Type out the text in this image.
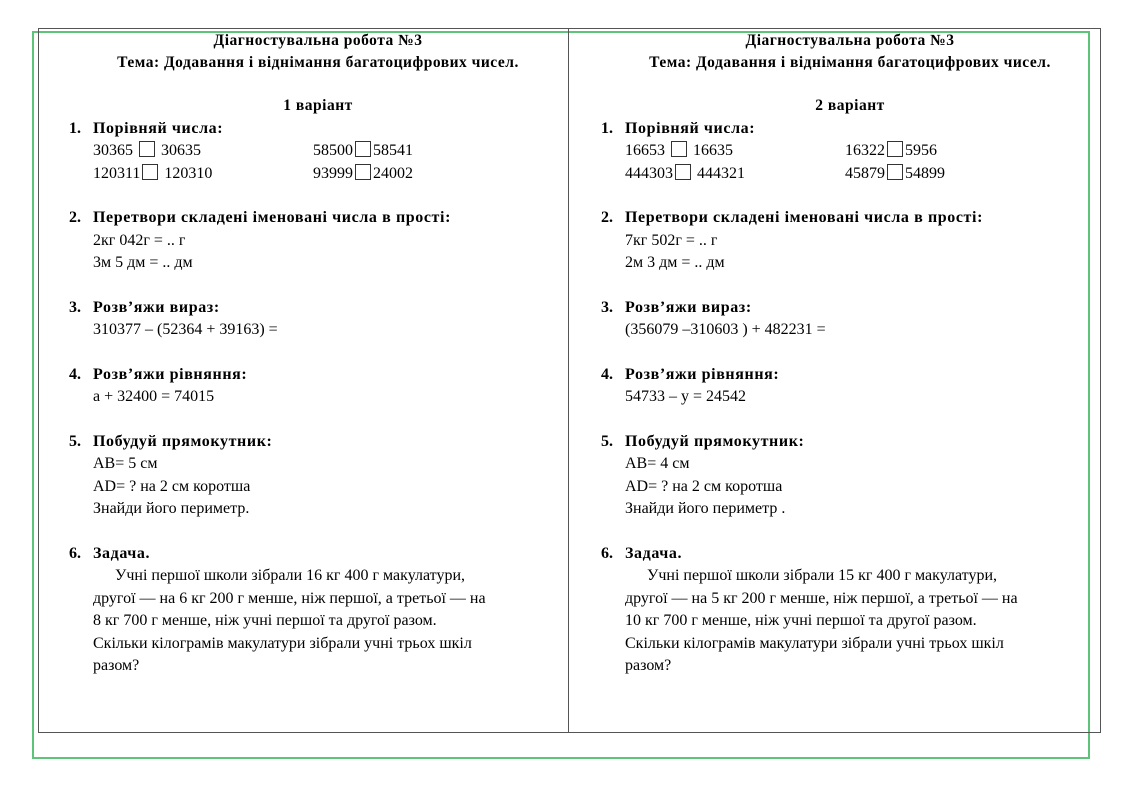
Діагностувальна робота №3
Тема: Додавання і віднімання багатоцифрових чисел.
1 варіант
1. Порівняй числа:
30365 30635	58500 58541
120311 120310	93999 24002
2. Перетвори складені іменовані числа в прості:
2кг 042г = .. г
3м 5 дм = .. дм
3. Розв’яжи вираз:
310377 – (52364 + 39163) =
4. Розв’яжи рівняння:
а + 32400 = 74015
5. Побудуй прямокутник:
АВ= 5 см
АD= ? на 2 см коротша
Знайди його периметр.
6. Задача.
Учні першої школи зібрали 16 кг 400 г макулатури,
другої — на 6 кг 200 г менше, ніж першої, а третьої — на
8 кг 700 г менше, ніж учні першої та другої разом.
Скільки кілограмів макулатури зібрали учні трьох шкіл
разом?
Діагностувальна робота №3
Тема: Додавання і віднімання багатоцифрових чисел.
2 варіант
1. Порівняй числа:
16653 16635	16322 5956
444303 444321	45879 54899
2. Перетвори складені іменовані числа в прості:
7кг 502г = .. г
2м 3 дм = .. дм
3. Розв’яжи вираз:
(356079 –310603 ) + 482231 =
4. Розв’яжи рівняння:
54733 – у = 24542
5. Побудуй прямокутник:
АВ= 4 см
АD= ? на 2 см коротша
Знайди його периметр .
6. Задача.
Учні першої школи зібрали 15 кг 400 г макулатури,
другої — на 5 кг 200 г менше, ніж першої, а третьої — на
10 кг 700 г менше, ніж учні першої та другої разом.
Скільки кілограмів макулатури зібрали учні трьох шкіл
разом?
